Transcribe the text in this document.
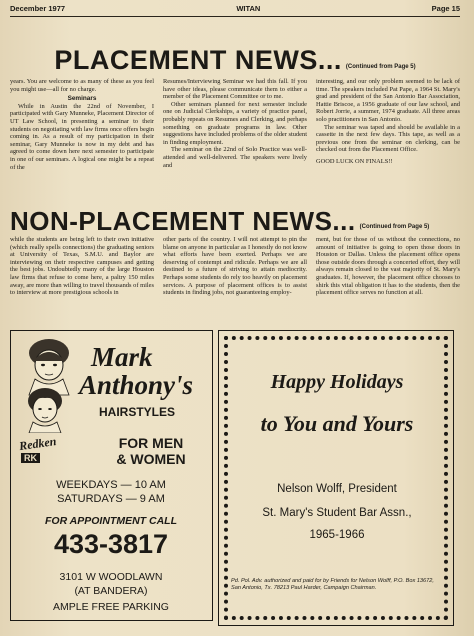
December 1977	WITAN	Page 15
PLACEMENT NEWS... (Continued from Page 5)

years. You are welcome to as many of these as you feel you might use—all for no charge.

Seminars

While in Austin the 22nd of November, I participated with Gary Munneke, Placement Director of UT Law School, in presenting a seminar to their students on negotiating with law firms once offers begin coming in. As a result of my participation in their seminar, Gary Munneke is now in my debt and has agreed to come down here next semester to participate in one of our seminars. A logical one might be a repeat of the

Resumes/Interviewing Seminar we had this fall. If you have other ideas, please communicate them to either a member of the Placement Committee or to me.

Other seminars planned for next semester include one on Judicial Clerkships, a variety of practice panel, probably repeats on Resumes and Clerking, and perhaps something on graduate programs in law. Other suggestions have included problems of the older student in finding employment.

The seminar on the 22nd of Solo Practice was well-attended and well-delivered. The speakers were lively and

interesting, and our only problem seemed to be lack of time. The speakers included Pat Pape, a 1964 St. Mary's grad and president of the San Antonio Bar Association, Hattie Briscoe, a 1956 graduate of our law school, and Robert Jorrie, a summer, 1974 graduate. All three areas solo practitioners in San Antonio.

The seminar was taped and should be available in a cassette in the next few days. This tape, as well as a previous one from the seminar on clerking, can be checked out from the Placement Office.

GOOD LUCK ON FINALS!!

NON-PLACEMENT NEWS... (Continued from Page 5)

while the students are being left to their own initiative (which really spells connections) the graduating seniors at University of Texas, S.M.U. and Baylor are interviewing on their respective campuses and getting the best jobs. Undoubtedly many of the large Houston law firms that refuse to come here, a paltry 150 miles away, are more than willing to travel thousands of miles to interview at more prestigious schools in

other parts of the country. I will not attempt to pin the blame on anyone in particular as I honestly do not know what efforts have been exerted. Perhaps we are deserving of contempt and ridicule. Perhaps we are all destined to a future of striving to attain mediocrity. Perhaps some students do rely too heavily on placement services. A purpose of placement offices is to assist students in finding jobs, not guaranteeing employ-

ment, but for those of us without the connections, no amount of initiative is going to open those doors in Houston or Dallas. Unless the placement office opens those outside doors through a concerted effort, they will always remain closed to the vast majority of St. Mary's graduates. If, however, the placement office chooses to shirk this vital obligation it has to the students, then the placement office serves no function at all.

Redken
RK
Mark
Anthony's
HAIRSTYLES
FOR MEN
& WOMEN
WEEKDAYS — 10 AM
SATURDAYS — 9 AM
FOR APPOINTMENT CALL
433-3817
3101 W WOODLAWN
(AT BANDERA)
AMPLE FREE PARKING
Happy Holidays
to You and Yours
Nelson Wolff, President
St. Mary's Student Bar Assn.,
1965-1966
Pd. Pol. Adv. authorized and paid for by Friends for Nelson Wolff, P.O. Box 13672, San Antonio, Tx. 78213 Paul Harder, Campaign Chairman.
